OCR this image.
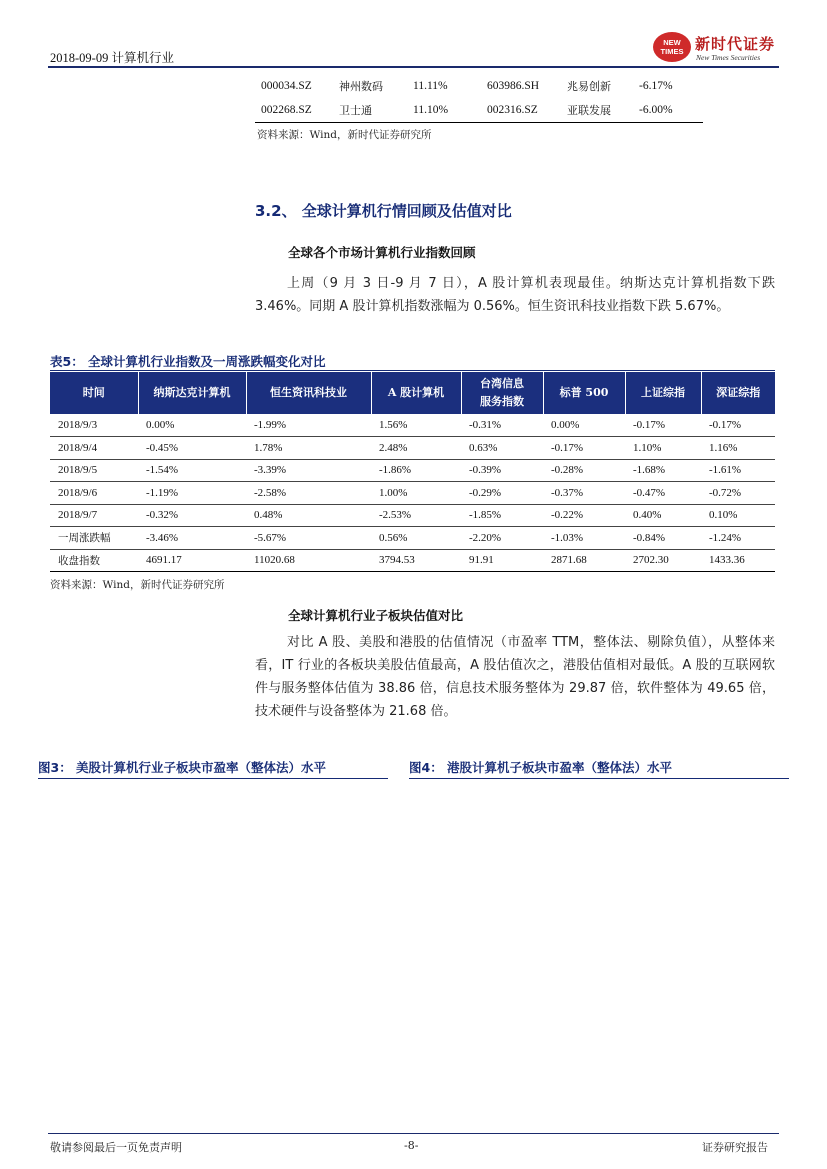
2018-09-09 计算机行业
NEW
TIMES 新时代证券
New Times Securities
000034.SZ	神州数码	11.11%	603986.SH	兆易创新	-6.17%
002268.SZ	卫士通	11.10%	002316.SZ	亚联发展	-6.00%
资料来源：Wind，新时代证券研究所
3.2、 全球计算机行情回顾及估值对比
全球各个市场计算机行业指数回顾
上周（9 月 3 日-9 月 7 日），A 股计算机表现最佳。纳斯达克计算机指数下跌 3.46%。同期 A 股计算机指数涨幅为 0.56%。恒生资讯科技业指数下跌 5.67%。
表5： 全球计算机行业指数及一周涨跌幅变化对比
时间	纳斯达克计算机	恒生资讯科技业	A 股计算机	台湾信息服务指数	标普 500	上证综指	深证综指
2018/9/3	0.00%	-1.99%	1.56%	-0.31%	0.00%	-0.17%	-0.17%
2018/9/4	-0.45%	1.78%	2.48%	0.63%	-0.17%	1.10%	1.16%
2018/9/5	-1.54%	-3.39%	-1.86%	-0.39%	-0.28%	-1.68%	-1.61%
2018/9/6	-1.19%	-2.58%	1.00%	-0.29%	-0.37%	-0.47%	-0.72%
2018/9/7	-0.32%	0.48%	-2.53%	-1.85%	-0.22%	0.40%	0.10%
一周涨跌幅	-3.46%	-5.67%	0.56%	-2.20%	-1.03%	-0.84%	-1.24%
收盘指数	4691.17	11020.68	3794.53	91.91	2871.68	2702.30	1433.36
资料来源：Wind，新时代证券研究所
全球计算机行业子板块估值对比
对比 A 股、美股和港股的估值情况（市盈率 TTM，整体法、剔除负值），从整体来看，IT 行业的各板块美股估值最高，A 股估值次之，港股估值相对最低。A 股的互联网软件与服务整体估值为 38.86 倍，信息技术服务整体为 29.87 倍，软件整体为 49.65 倍，技术硬件与设备整体为 21.68 倍。
图3： 美股计算机行业子板块市盈率（整体法）水平	图4： 港股计算机子板块市盈率（整体法）水平
敬请参阅最后一页免责声明	-8-	证券研究报告
